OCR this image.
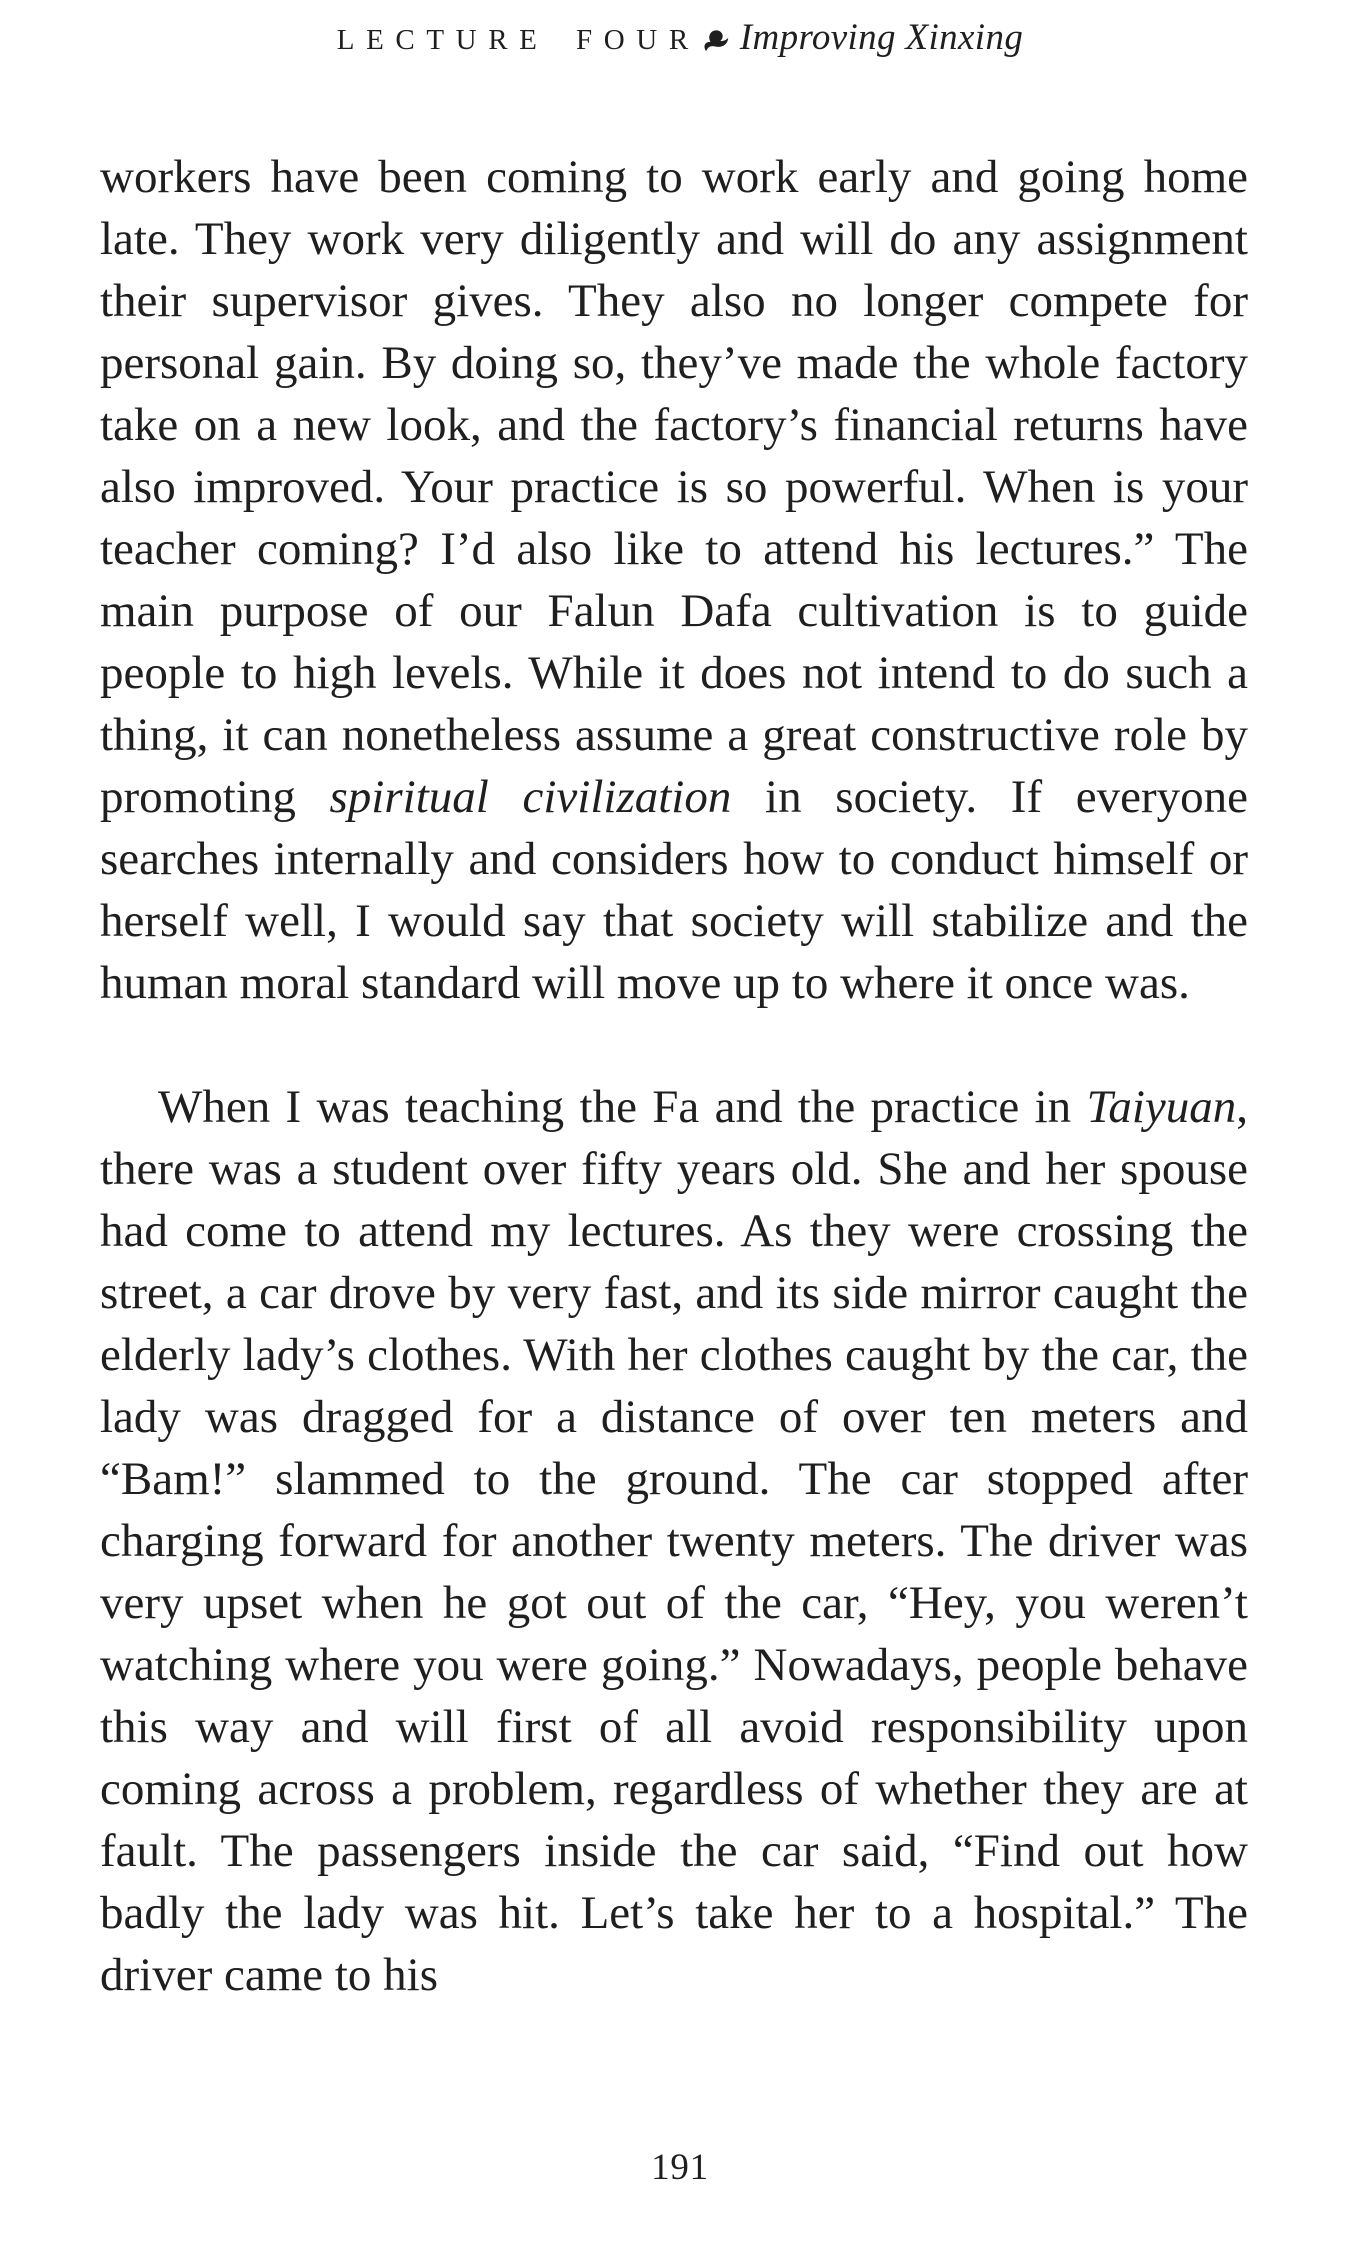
LECTURE FOUR Improving Xinxing

workers have been coming to work early and going home late. They work very diligently and will do any assignment their supervisor gives. They also no longer compete for personal gain. By doing so, they’ve made the whole factory take on a new look, and the factory’s financial returns have also improved. Your practice is so powerful. When is your teacher coming? I’d also like to attend his lectures.” The main purpose of our Falun Dafa cultivation is to guide people to high levels. While it does not intend to do such a thing, it can nonetheless assume a great constructive role by promoting spiritual civilization in society. If everyone searches internally and considers how to conduct himself or herself well, I would say that society will stabilize and the human moral standard will move up to where it once was.

When I was teaching the Fa and the practice in Taiyuan, there was a student over fifty years old. She and her spouse had come to attend my lectures. As they were crossing the street, a car drove by very fast, and its side mirror caught the elderly lady’s clothes. With her clothes caught by the car, the lady was dragged for a distance of over ten meters and “Bam!” slammed to the ground. The car stopped after charging forward for another twenty meters. The driver was very upset when he got out of the car, “Hey, you weren’t watching where you were going.” Nowadays, people behave this way and will first of all avoid responsibility upon coming across a problem, regardless of whether they are at fault. The passengers inside the car said, “Find out how badly the lady was hit. Let’s take her to a hospital.” The driver came to his

191
